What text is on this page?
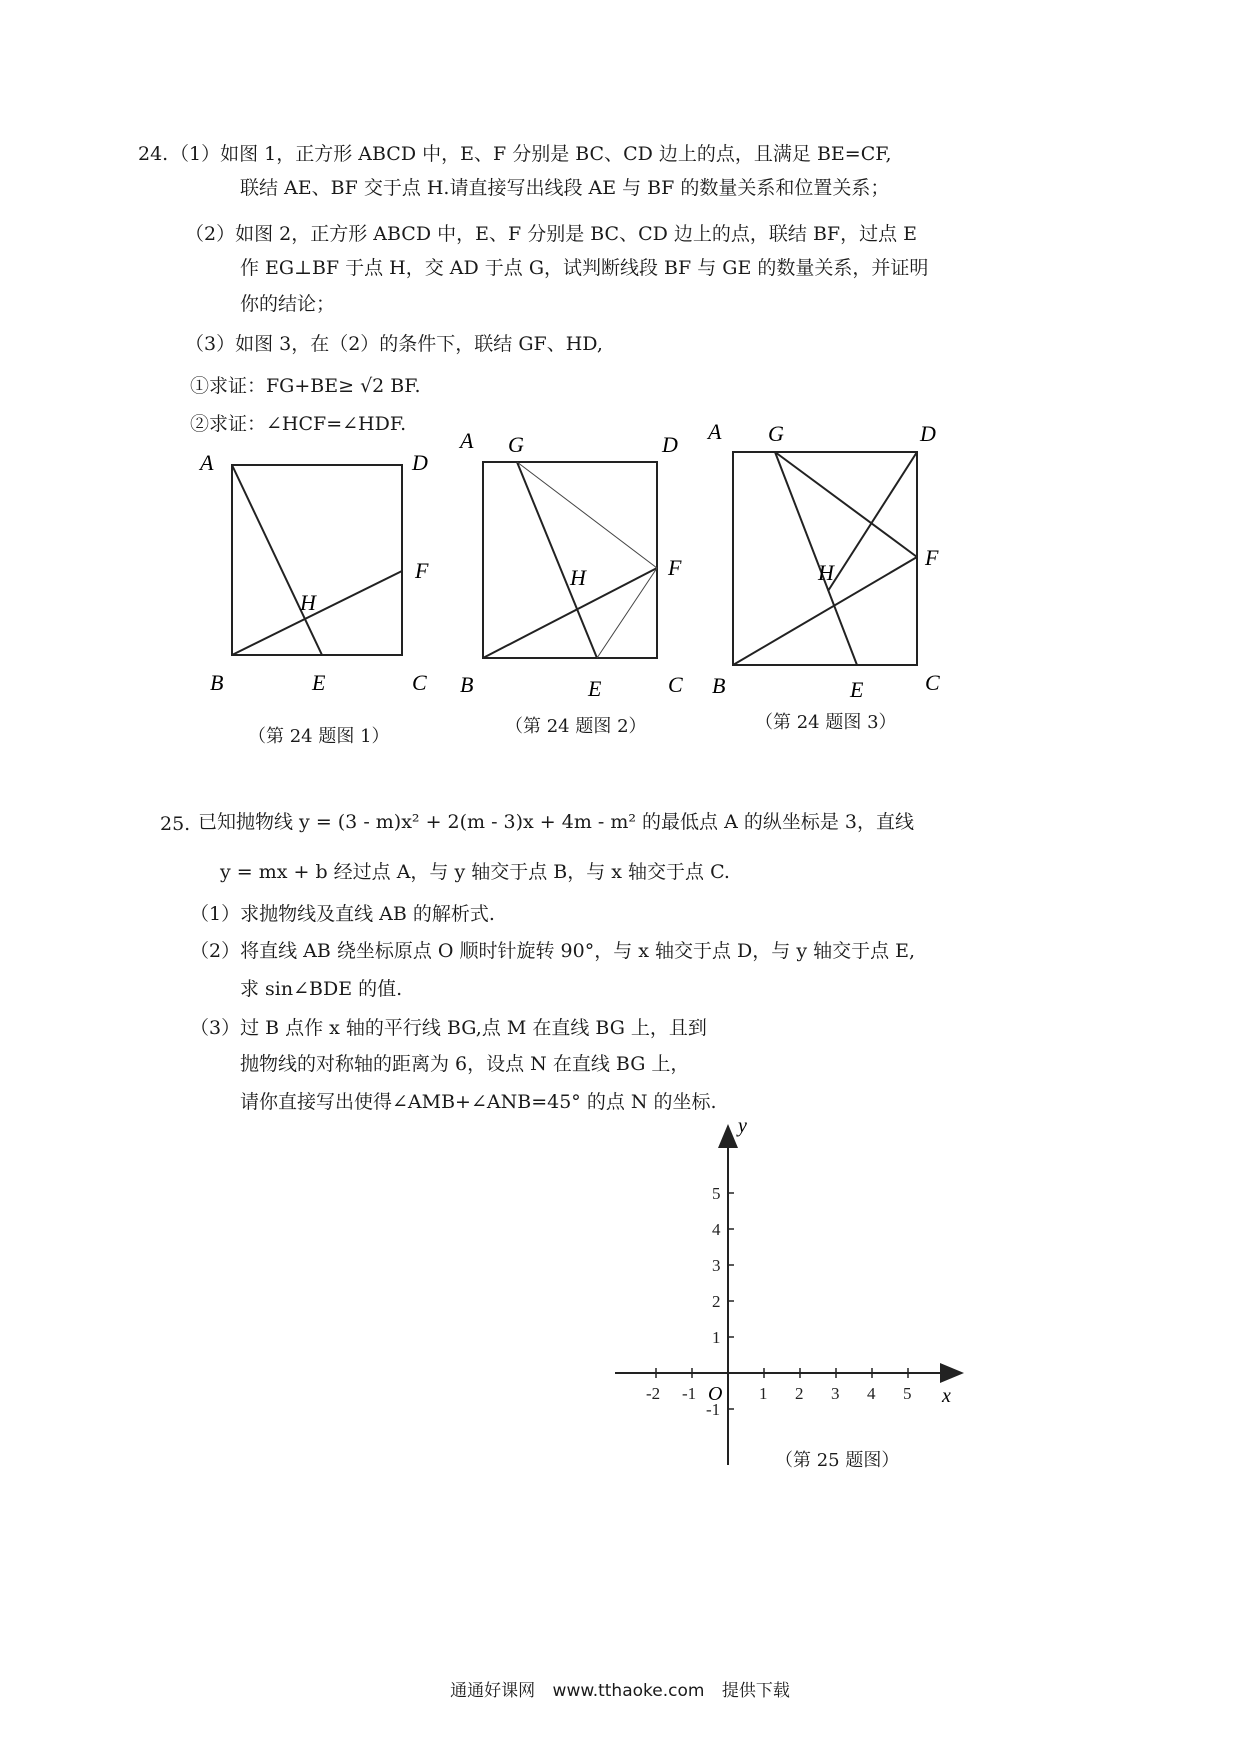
24. （1）如图 1，正方形 ABCD 中，E、F 分别是 BC、CD 边上的点，且满足 BE=CF,
联结 AE、BF 交于点 H.请直接写出线段 AE 与 BF 的数量关系和位置关系；
（2）如图 2，正方形 ABCD 中，E、F 分别是 BC、CD 边上的点，联结 BF，过点 E
作 EG⊥BF 于点 H，交 AD 于点 G，试判断线段 BF 与 GE 的数量关系，并证明
你的结论；
（3）如图 3，在（2）的条件下，联结 GF、HD,
①求证：FG+BE≥ √2 BF.
②求证：∠HCF=∠HDF.
A	D
F
H
B	E	C
A G	D
F
H
B	E	C
A G	D
F
H
B	E	C
（第 24 题图 1）	（第 24 题图 2）	（第 24 题图 3）
25. 已知抛物线 y = (3 - m)x² + 2(m - 3)x + 4m - m² 的最低点 A 的纵坐标是 3，直线
y = mx + b 经过点 A，与 y 轴交于点 B，与 x 轴交于点 C.
（1）求抛物线及直线 AB 的解析式.
（2）将直线 AB 绕坐标原点 O 顺时针旋转 90°，与 x 轴交于点 D，与 y 轴交于点 E,
求 sin∠BDE 的值.
（3）过 B 点作 x 轴的平行线 BG,点 M 在直线 BG 上，且到
抛物线的对称轴的距离为 6，设点 N 在直线 BG 上，
请你直接写出使得∠AMB+∠ANB=45° 的点 N 的坐标.
x
y
O
-2 -1	1 2 3 4 5
5
4
3
2
1
-1
（第 25 题图）
通通好课网 www.tthaoke.com 提供下载
